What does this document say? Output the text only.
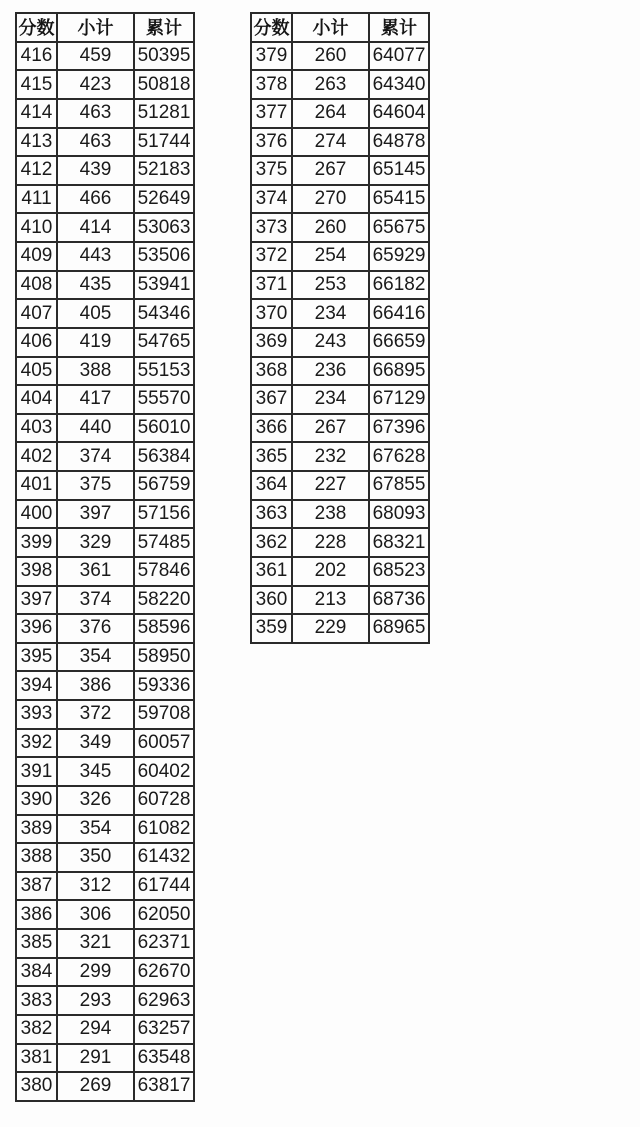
分数	小计	累计
416	459	50395
415	423	50818
414	463	51281
413	463	51744
412	439	52183
411	466	52649
410	414	53063
409	443	53506
408	435	53941
407	405	54346
406	419	54765
405	388	55153
404	417	55570
403	440	56010
402	374	56384
401	375	56759
400	397	57156
399	329	57485
398	361	57846
397	374	58220
396	376	58596
395	354	58950
394	386	59336
393	372	59708
392	349	60057
391	345	60402
390	326	60728
389	354	61082
388	350	61432
387	312	61744
386	306	62050
385	321	62371
384	299	62670
383	293	62963
382	294	63257
381	291	63548
380	269	63817
分数	小计	累计
379	260	64077
378	263	64340
377	264	64604
376	274	64878
375	267	65145
374	270	65415
373	260	65675
372	254	65929
371	253	66182
370	234	66416
369	243	66659
368	236	66895
367	234	67129
366	267	67396
365	232	67628
364	227	67855
363	238	68093
362	228	68321
361	202	68523
360	213	68736
359	229	68965
